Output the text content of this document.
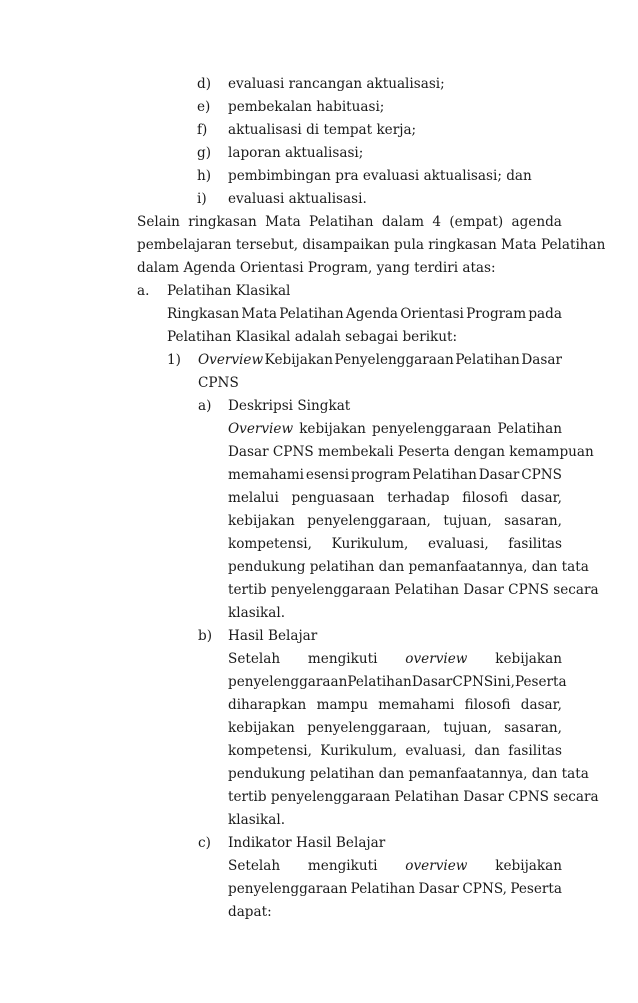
d) evaluasi rancangan aktualisasi;
e) pembekalan habituasi;
f) aktualisasi di tempat kerja;
g) laporan aktualisasi;
h) pembimbingan pra evaluasi aktualisasi; dan
i) evaluasi aktualisasi.
Selain ringkasan Mata Pelatihan dalam 4 (empat) agenda
pembelajaran tersebut, disampaikan pula ringkasan Mata Pelatihan
dalam Agenda Orientasi Program, yang terdiri atas:
a. Pelatihan Klasikal
Ringkasan Mata Pelatihan Agenda Orientasi Program pada
Pelatihan Klasikal adalah sebagai berikut:
1) Overview Kebijakan Penyelenggaraan Pelatihan Dasar
CPNS
a) Deskripsi Singkat
Overview kebijakan penyelenggaraan Pelatihan
Dasar CPNS membekali Peserta dengan kemampuan
memahami esensi program Pelatihan Dasar CPNS
melalui penguasaan terhadap filosofi dasar,
kebijakan penyelenggaraan, tujuan, sasaran,
kompetensi, Kurikulum, evaluasi, fasilitas
pendukung pelatihan dan pemanfaatannya, dan tata
tertib penyelenggaraan Pelatihan Dasar CPNS secara
klasikal.
b) Hasil Belajar
Setelah mengikuti overview kebijakan
penyelenggaraan Pelatihan Dasar CPNS ini, Peserta
diharapkan mampu memahami filosofi dasar,
kebijakan penyelenggaraan, tujuan, sasaran,
kompetensi, Kurikulum, evaluasi, dan fasilitas
pendukung pelatihan dan pemanfaatannya, dan tata
tertib penyelenggaraan Pelatihan Dasar CPNS secara
klasikal.
c) Indikator Hasil Belajar
Setelah mengikuti overview kebijakan
penyelenggaraan Pelatihan Dasar CPNS, Peserta
dapat:
